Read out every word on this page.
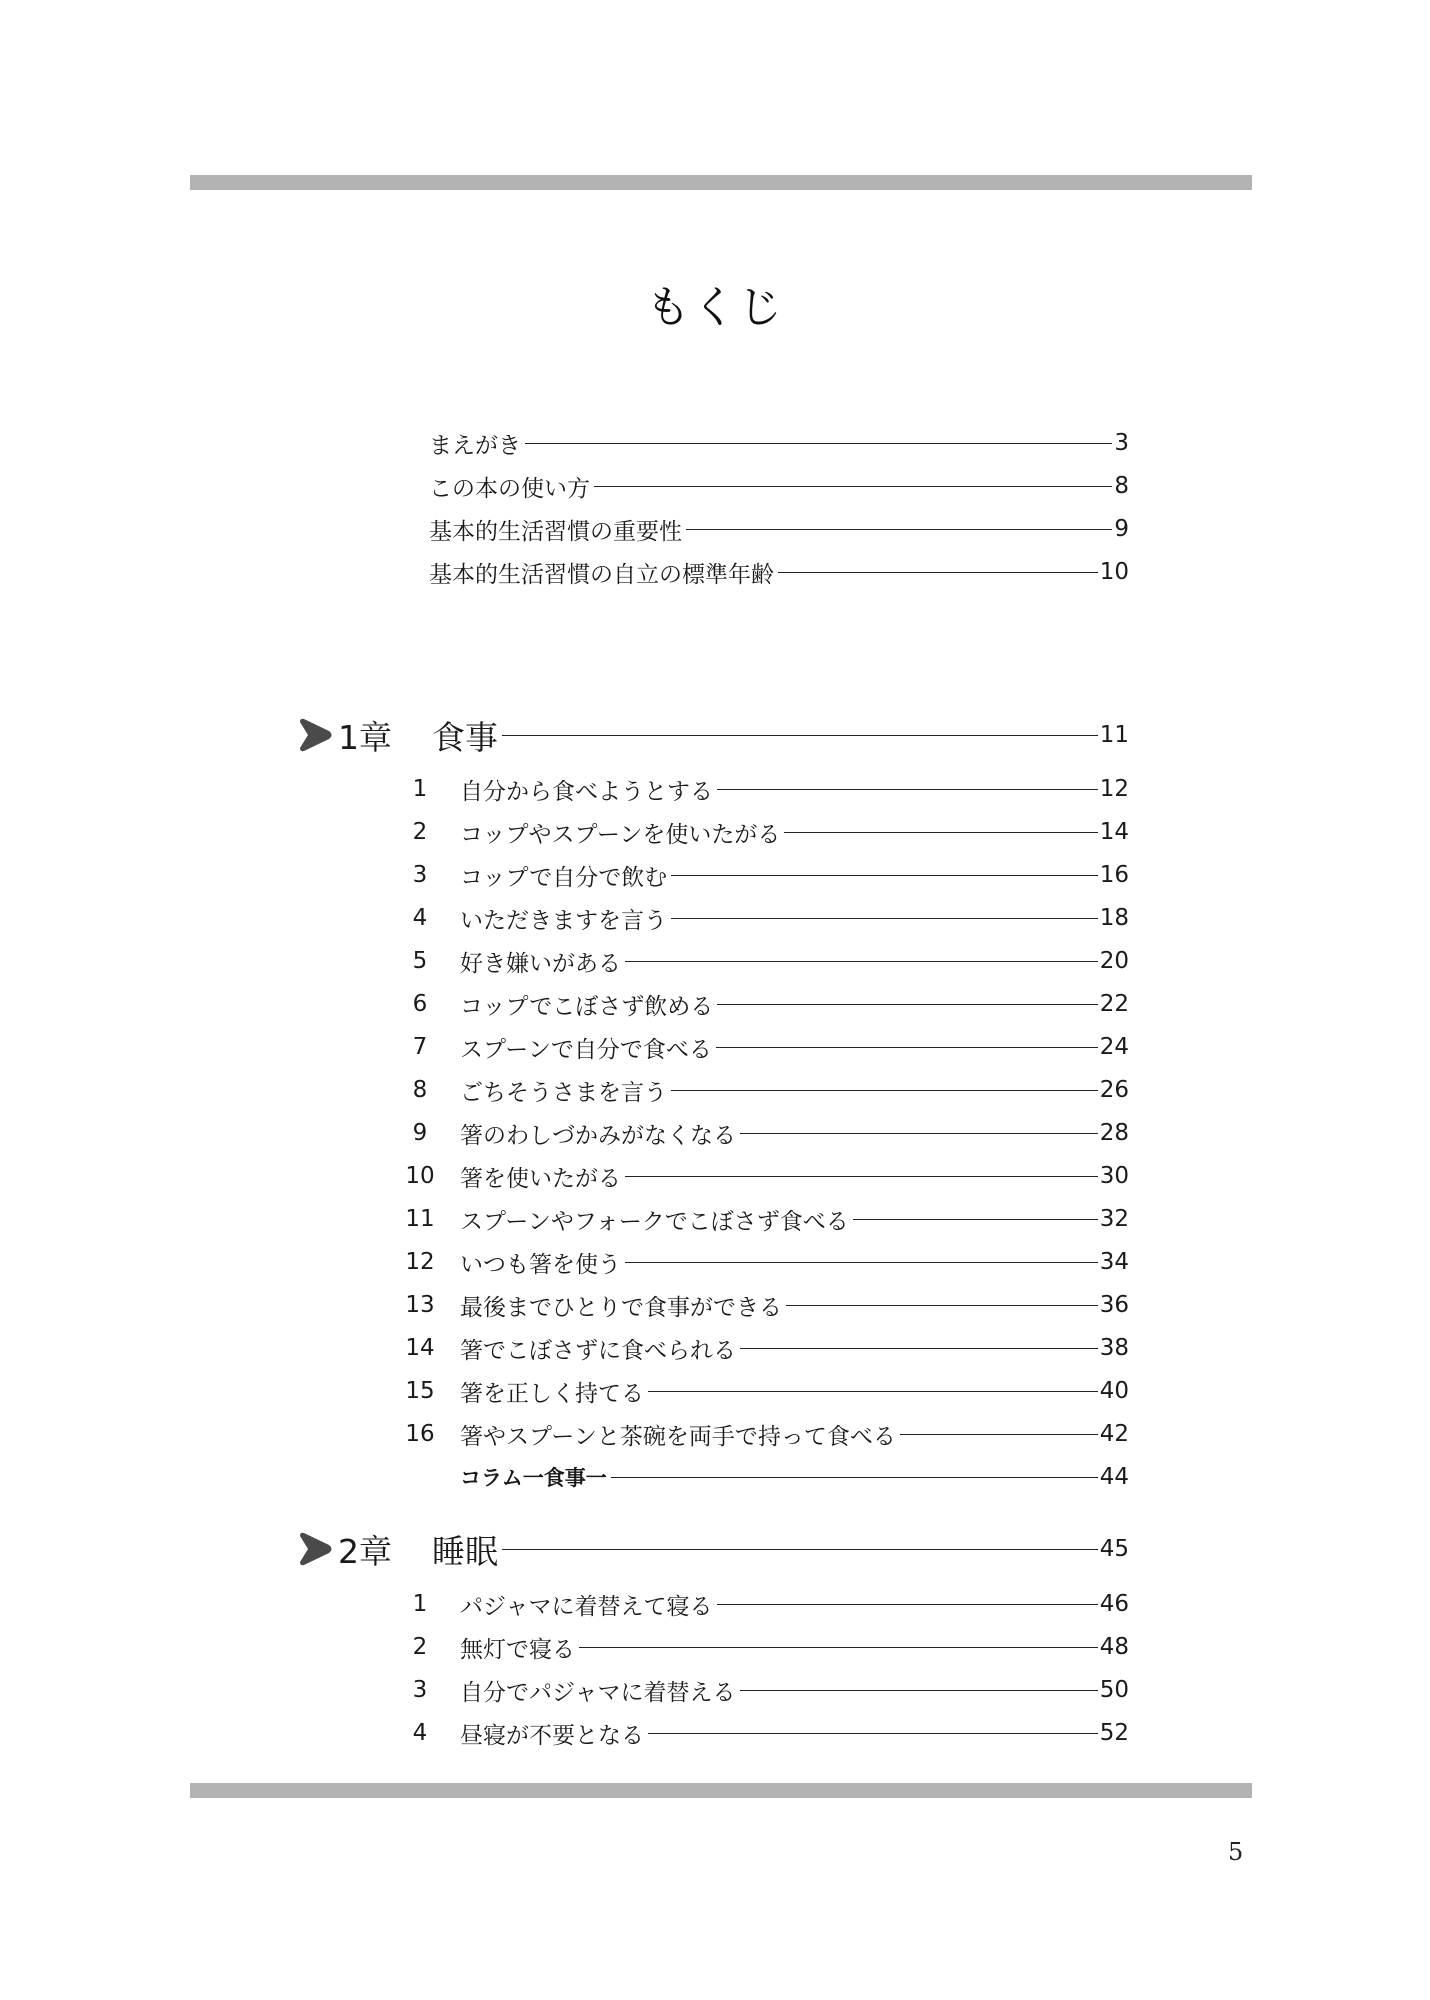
もくじ
まえがき	3
この本の使い方	8
基本的生活習慣の重要性	9
基本的生活習慣の自立の標準年齢	10
1章 食事	11
1	自分から食べようとする	12
2	コップやスプーンを使いたがる	14
3	コップで自分で飲む	16
4	いただきますを言う	18
5	好き嫌いがある	20
6	コップでこぼさず飲める	22
7	スプーンで自分で食べる	24
8	ごちそうさまを言う	26
9	箸のわしづかみがなくなる	28
10 箸を使いたがる	30
11 スプーンやフォークでこぼさず食べる	32
12 いつも箸を使う	34
13 最後までひとりで食事ができる	36
14 箸でこぼさずに食べられる	38
15 箸を正しく持てる	40
16 箸やスプーンと茶碗を両手で持って食べる	42
コラム一食事一	44
2章 睡眠	45
1	パジャマに着替えて寝る	46
2	無灯で寝る	48
3	自分でパジャマに着替える	50
4	昼寝が不要となる	52
5
